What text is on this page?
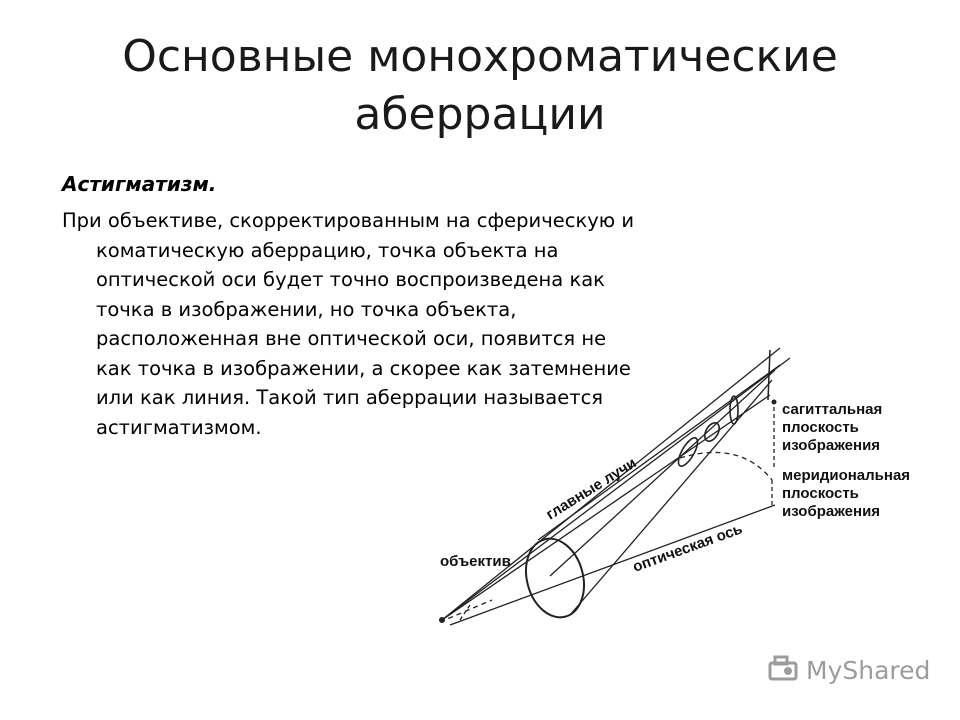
Основные монохроматические аберрации
Астигматизм.
При объективе, скорректированным на сферическую и коматическую аберрацию, точка объекта на оптической оси будет точно воспроизведена как точка в изображении, но точка объекта, расположенная вне оптической оси, появится не как точка в изображении, а скорее как затемнение или как линия. Такой тип аберрации называется астигматизмом.
сагиттальная
плоскость
изображения
меридиональная
плоскость
изображения
главные лучи
объектив	оптическая ось
MyShared
